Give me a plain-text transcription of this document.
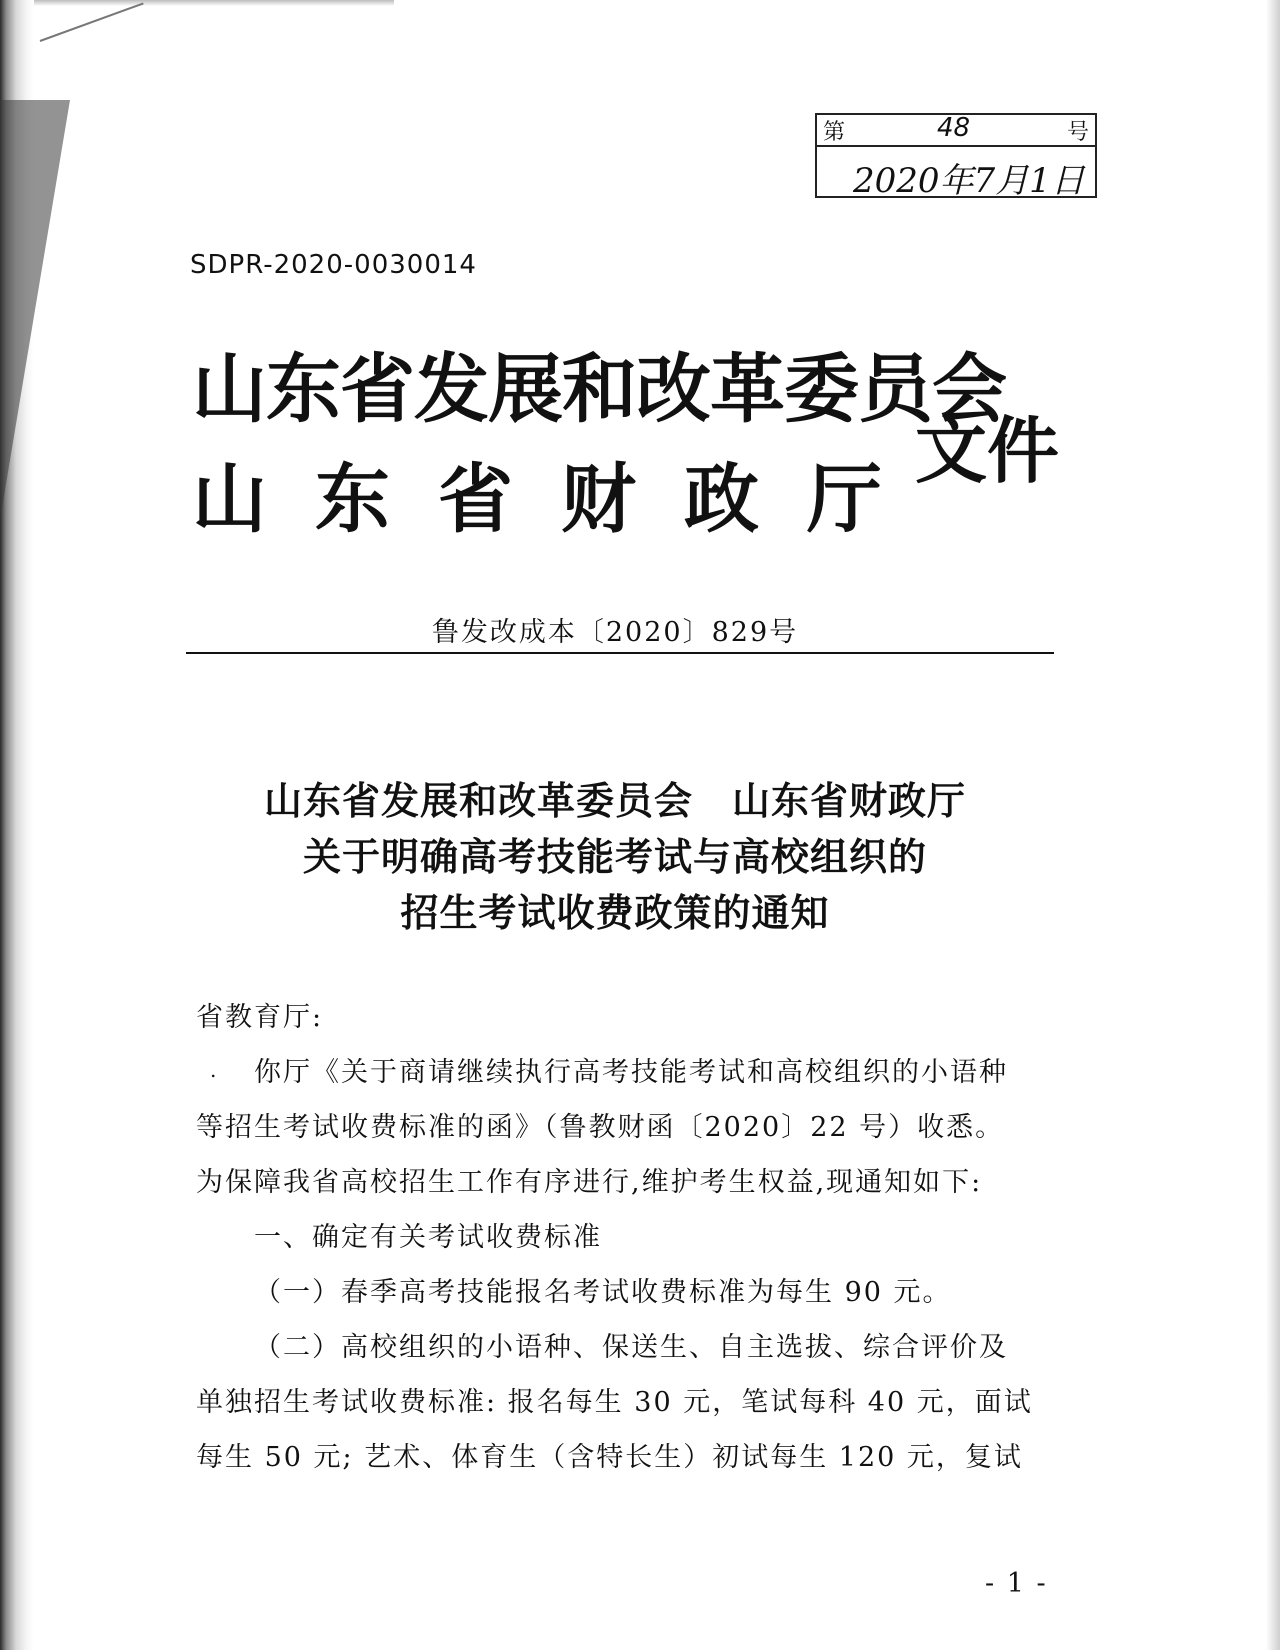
第	48	号
2020年7月1日
SDPR-2020-0030014
山东省发展和改革委员会
山 东 省 财 政 厅
文件
鲁发改成本〔2020〕829号
山东省发展和改革委员会　山东省财政厅
关于明确高考技能考试与高校组织的
招生考试收费政策的通知
省教育厅:
.	你厅《关于商请继续执行高考技能考试和高校组织的小语种
等招生考试收费标准的函》（鲁教财函〔2020〕22 号）收悉。
为保障我省高校招生工作有序进行,维护考生权益,现通知如下:
一、确定有关考试收费标准
（一）春季高考技能报名考试收费标准为每生 90 元。
（二）高校组织的小语种、保送生、自主选拔、综合评价及
单独招生考试收费标准: 报名每生 30 元，笔试每科 40 元，面试
每生 50 元; 艺术、体育生（含特长生）初试每生 120 元，复试
- 1 -
